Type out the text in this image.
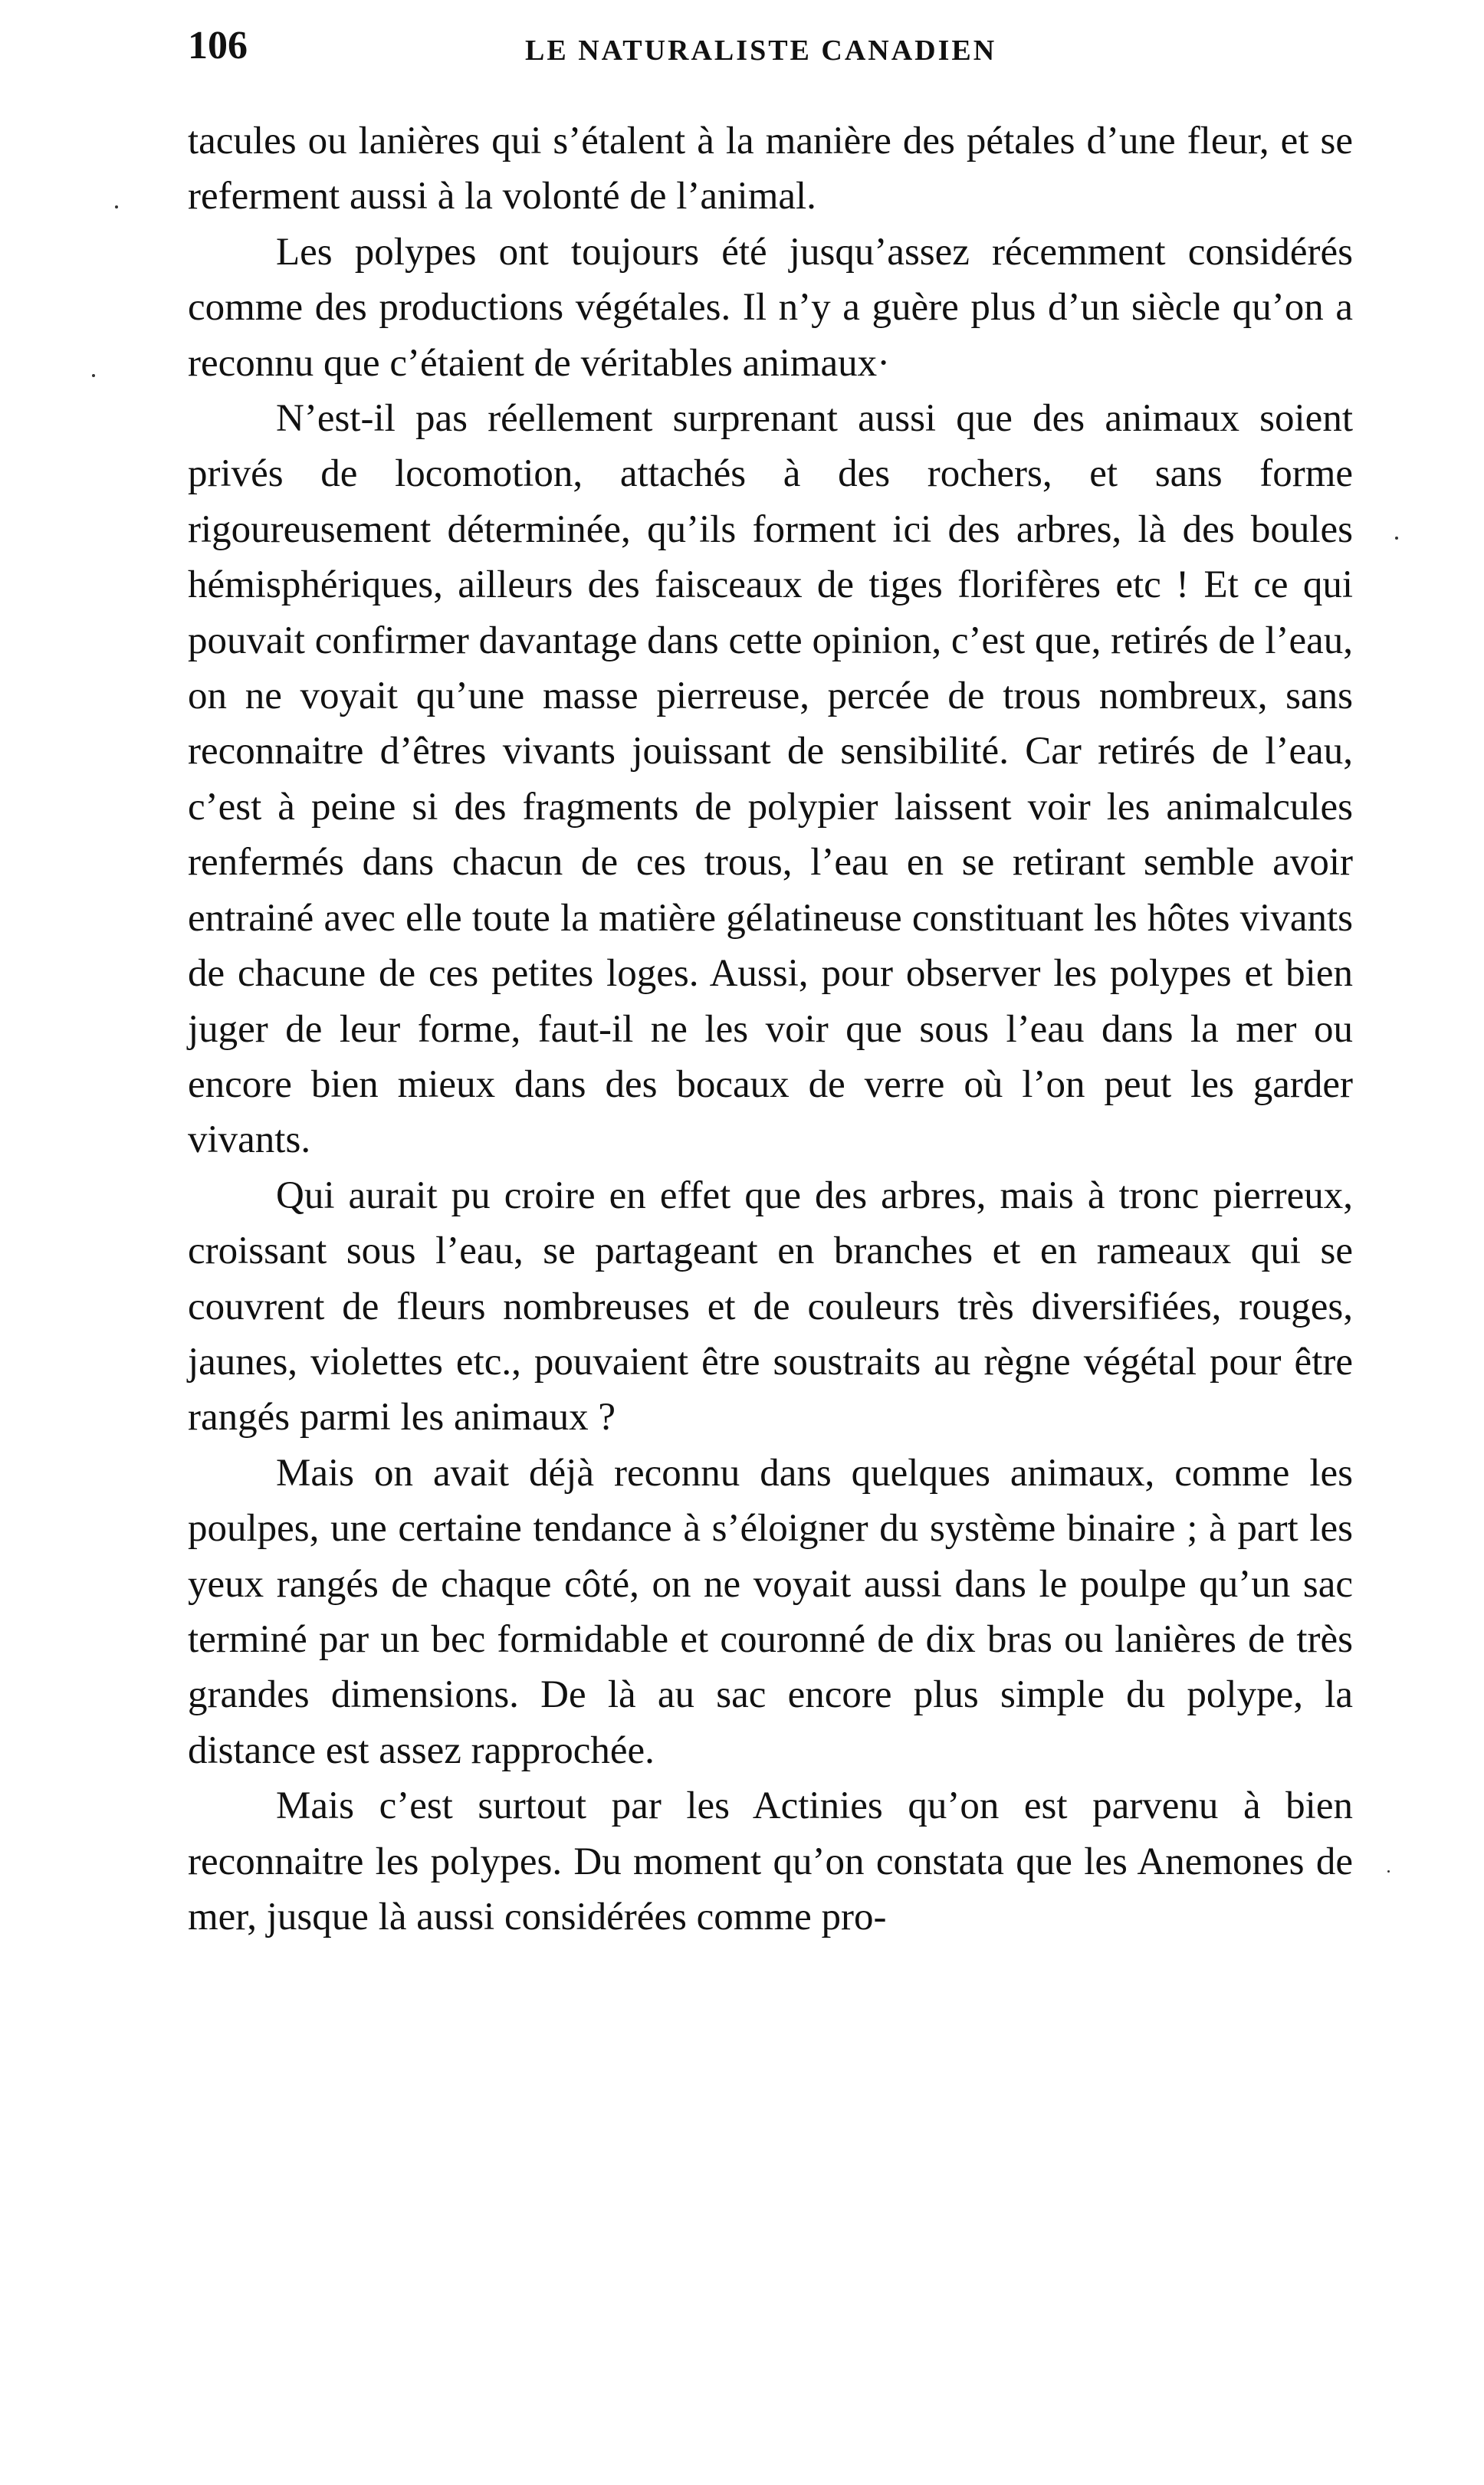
106	LE NATURALISTE CANADIEN

tacules ou lanières qui s’étalent à la manière des pétales d’une fleur, et se referment aussi à la volonté de l’animal.

Les polypes ont toujours été jusqu’assez récemment considérés comme des productions végétales. Il n’y a guère plus d’un siècle qu’on a reconnu que c’étaient de véritables animaux·

N’est-il pas réellement surprenant aussi que des animaux soient privés de locomotion, attachés à des rochers, et sans forme rigoureusement déterminée, qu’ils forment ici des arbres, là des boules hémisphériques, ailleurs des faisceaux de tiges florifères etc ! Et ce qui pouvait confirmer davantage dans cette opinion, c’est que, retirés de l’eau, on ne voyait qu’une masse pierreuse, percée de trous nombreux, sans reconnaitre d’êtres vivants jouissant de sensibilité. Car retirés de l’eau, c’est à peine si des fragments de polypier laissent voir les animalcules renfermés dans chacun de ces trous, l’eau en se retirant semble avoir entrainé avec elle toute la matière gélatineuse constituant les hôtes vivants de chacune de ces petites loges. Aussi, pour observer les polypes et bien juger de leur forme, faut-il ne les voir que sous l’eau dans la mer ou encore bien mieux dans des bocaux de verre où l’on peut les garder vivants.

Qui aurait pu croire en effet que des arbres, mais à tronc pierreux, croissant sous l’eau, se partageant en branches et en rameaux qui se couvrent de fleurs nombreuses et de couleurs très diversifiées, rouges, jaunes, violettes etc., pouvaient être soustraits au règne végétal pour être rangés parmi les animaux ?

Mais on avait déjà reconnu dans quelques animaux, comme les poulpes, une certaine tendance à s’éloigner du système binaire ; à part les yeux rangés de chaque côté, on ne voyait aussi dans le poulpe qu’un sac terminé par un bec formidable et couronné de dix bras ou lanières de très grandes dimensions. De là au sac encore plus simple du polype, la distance est assez rapprochée.

Mais c’est surtout par les Actinies qu’on est parvenu à bien reconnaitre les polypes. Du moment qu’on constata que les Anemones de mer, jusque là aussi considérées comme pro-
